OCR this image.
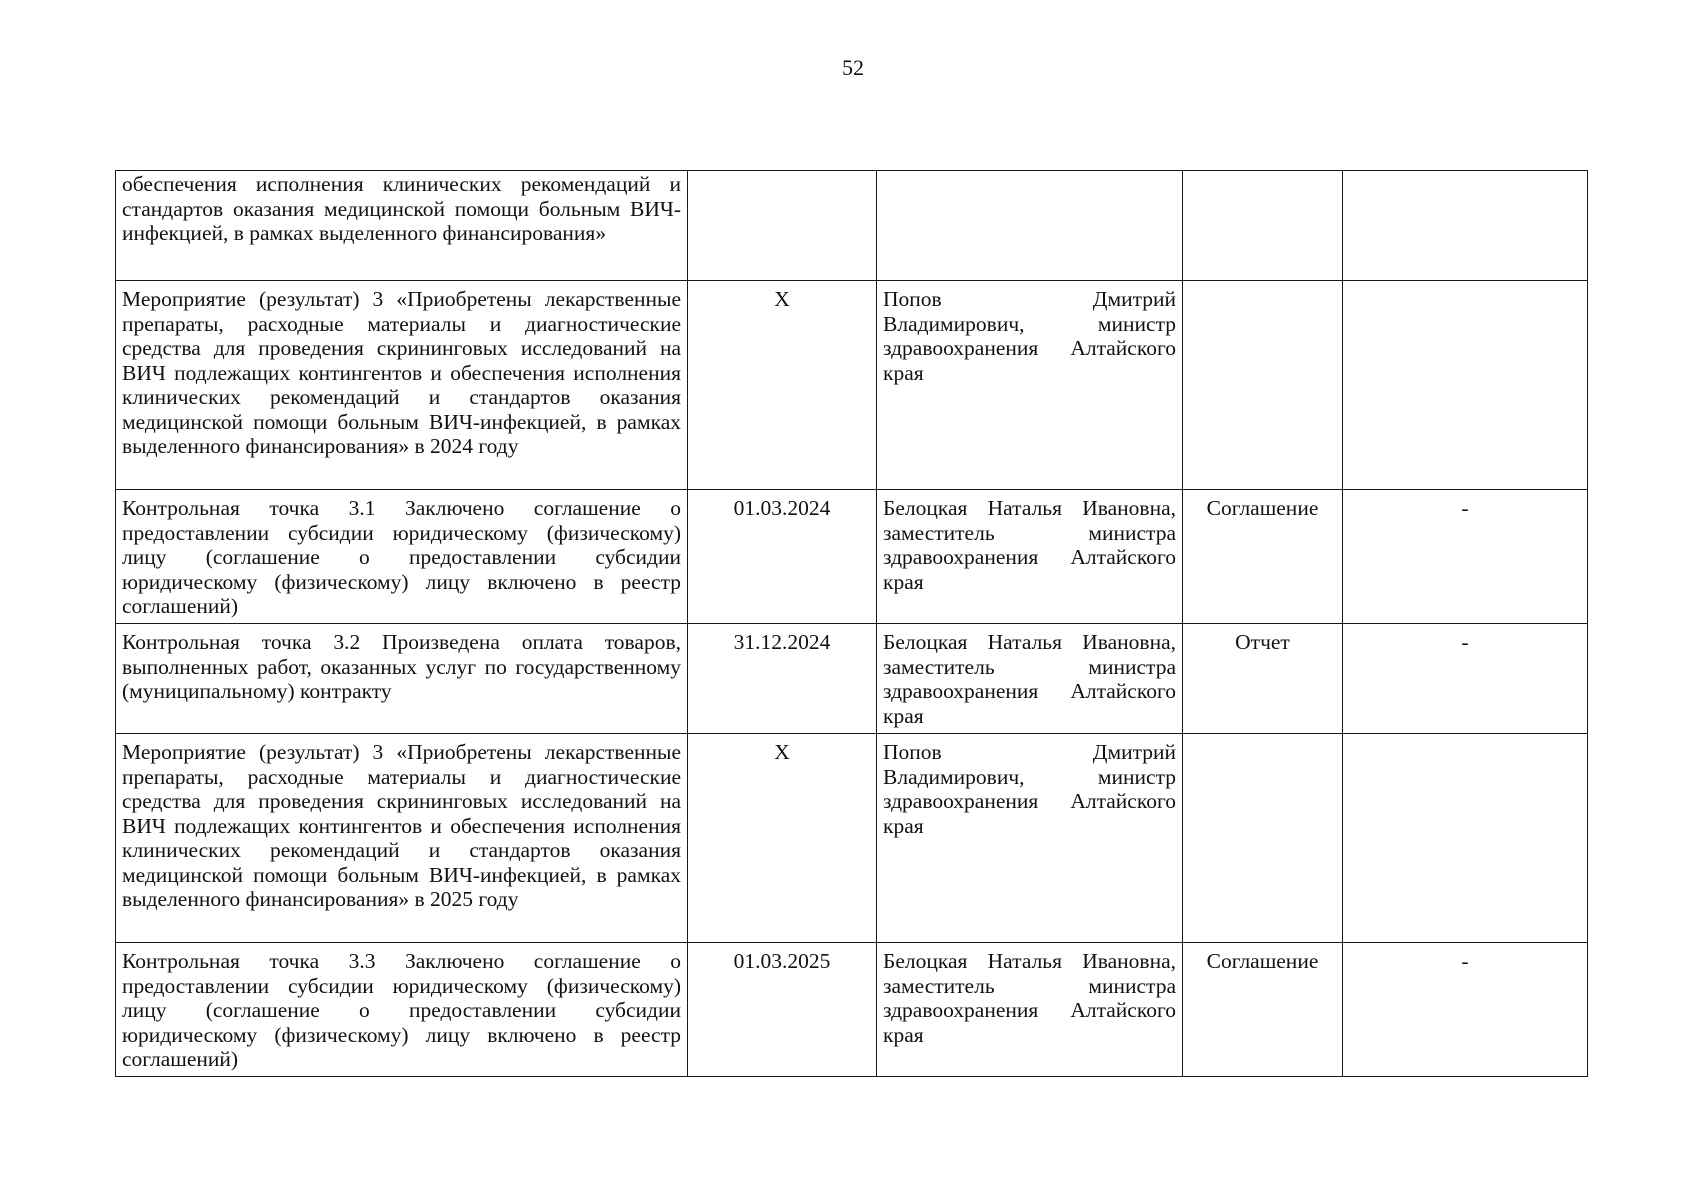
52
обеспечения исполнения клинических рекомендаций и стандартов оказания медицинской помощи больным ВИЧ-инфекцией, в рамках выделенного финансирования»				
Мероприятие (результат) 3 «Приобретены лекарственные препараты, расходные материалы и диагностические средства для проведения скрининговых исследований на ВИЧ подлежащих контингентов и обеспечения исполнения клинических рекомендаций и стандартов оказания медицинской помощи больным ВИЧ-инфекцией, в рамках выделенного финансирования» в 2024 году	Х	Попов Дмитрий Владимирович, министр здравоохранения Алтайского края		
Контрольная точка 3.1 Заключено соглашение о предоставлении субсидии юридическому (физическому) лицу (соглашение о предоставлении субсидии юридическому (физическому) лицу включено в реестр соглашений)	01.03.2024	Белоцкая Наталья Ивановна, заместитель министра здравоохранения Алтайского края	Соглашение	-
Контрольная точка 3.2 Произведена оплата товаров, выполненных работ, оказанных услуг по государственному (муниципальному) контракту	31.12.2024	Белоцкая Наталья Ивановна, заместитель министра здравоохранения Алтайского края	Отчет	-
Мероприятие (результат) 3 «Приобретены лекарственные препараты, расходные материалы и диагностические средства для проведения скрининговых исследований на ВИЧ подлежащих контингентов и обеспечения исполнения клинических рекомендаций и стандартов оказания медицинской помощи больным ВИЧ-инфекцией, в рамках выделенного финансирования» в 2025 году	Х	Попов Дмитрий Владимирович, министр здравоохранения Алтайского края		
Контрольная точка 3.3 Заключено соглашение о предоставлении субсидии юридическому (физическому) лицу (соглашение о предоставлении субсидии юридическому (физическому) лицу включено в реестр соглашений)	01.03.2025	Белоцкая Наталья Ивановна, заместитель министра здравоохранения Алтайского края	Соглашение	-
